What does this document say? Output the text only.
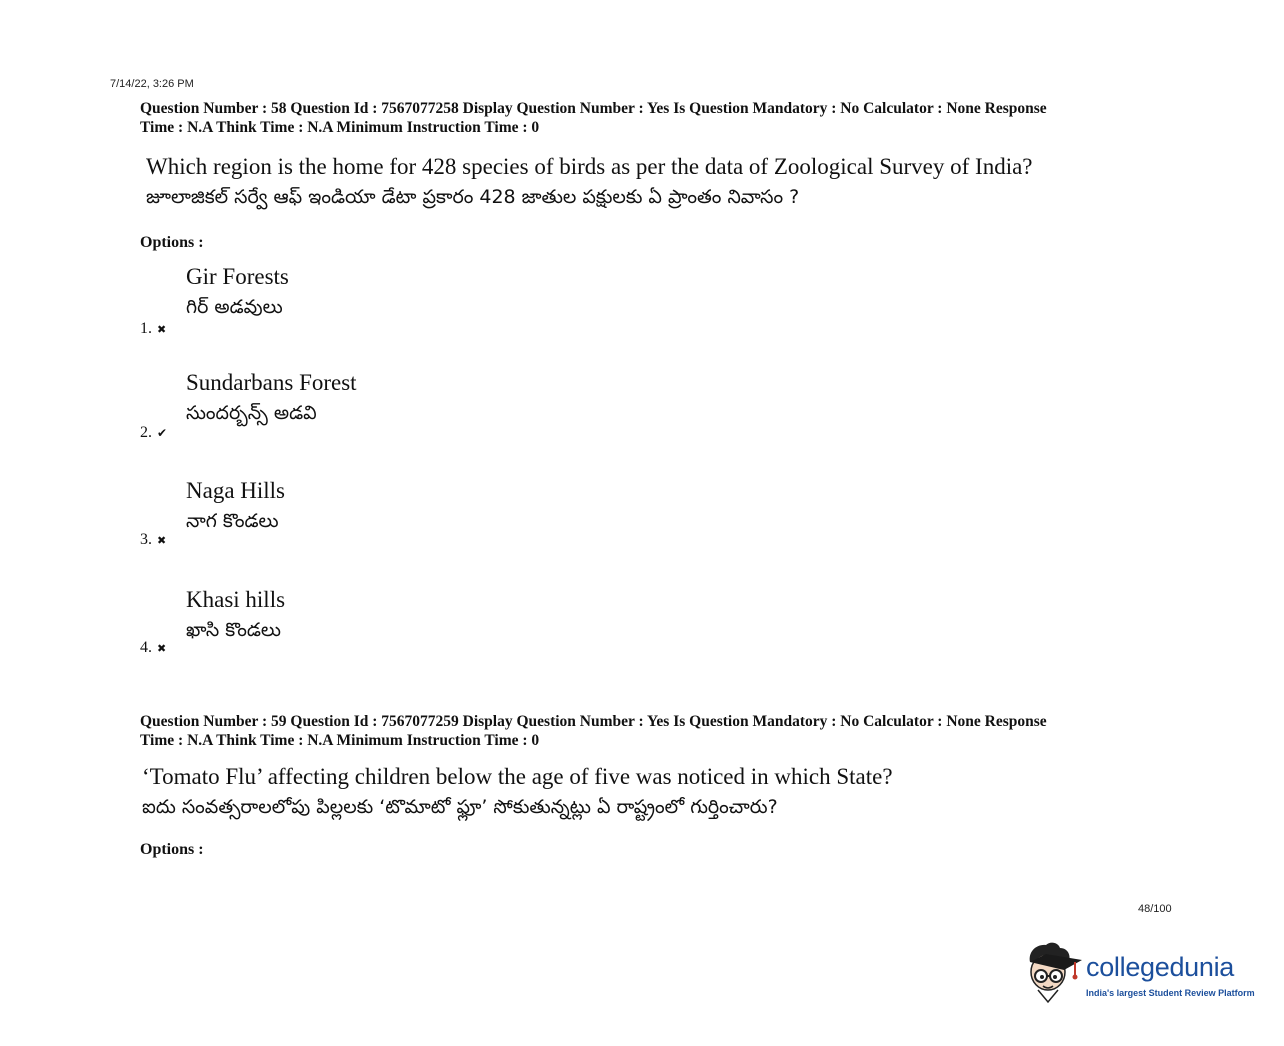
7/14/22, 3:26 PM
Question Number : 58 Question Id : 7567077258 Display Question Number : Yes Is Question Mandatory : No Calculator : None Response
Time : N.A Think Time : N.A Minimum Instruction Time : 0
Which region is the home for 428 species of birds as per the data of Zoological Survey of India?
జూలాజికల్ సర్వే ఆఫ్ ఇండియా డేటా ప్రకారం 428 జాతుల పక్షులకు ఏ ప్రాంతం నివాసం ?
Options :
Gir Forests
గిర్ అడవులు
1. ✖
Sundarbans Forest
సుందర్బన్స్ అడవి
2. ✔
Naga Hills
నాగ కొండలు
3. ✖
Khasi hills
ఖాసి కొండలు
4. ✖
Question Number : 59 Question Id : 7567077259 Display Question Number : Yes Is Question Mandatory : No Calculator : None Response
Time : N.A Think Time : N.A Minimum Instruction Time : 0
‘Tomato Flu’ affecting children below the age of five was noticed in which State?
ఐదు సంవత్సరాలలోపు పిల్లలకు ‘టొమాటో ఫ్లూ’ సోకుతున్నట్లు ఏ రాష్ట్రంలో గుర్తించారు?
Options :
48/100
collegedunia
India's largest Student Review Platform
